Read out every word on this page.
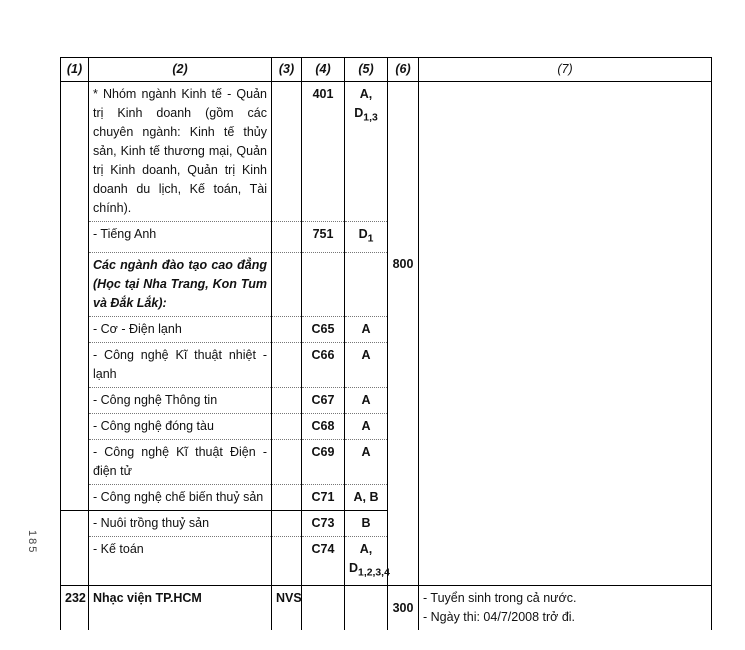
185
(1)	(2)	(3)	(4)	(5)	(6)	(7)
	* Nhóm ngành Kinh tế - Quản trị Kinh doanh (gồm các chuyên ngành: Kinh tế thủy sản, Kinh tế thương mại, Quản trị Kinh doanh, Quản trị Kinh doanh du lịch, Kế toán, Tài chính).		401	A, $D_{1,3}$		
	- Tiếng Anh		751	$D_1$
	Các ngành đào tạo cao đẳng (Học tại Nha Trang, Kon Tum và Đắk Lắk):				800	
	- Cơ - Điện lạnh		C65	A		
	- Công nghệ Kĩ thuật nhiệt - lạnh		C66	A		
	- Công nghệ Thông tin		C67	A		
	- Công nghệ đóng tàu		C68	A		
	- Công nghệ Kĩ thuật Điện - điện tử		C69	A		
	- Công nghệ chế biến thuỷ sản		C71	A, B		
	- Nuôi trồng thuỷ sản		C73	B		
	- Kế toán		C74	A,
$D_{1,2,3,4}$
232	Nhạc viện TP.HCM	NVS			300	- Tuyển sinh trong cả nước.
- Ngày thi: 04/7/2008 trở đi.
